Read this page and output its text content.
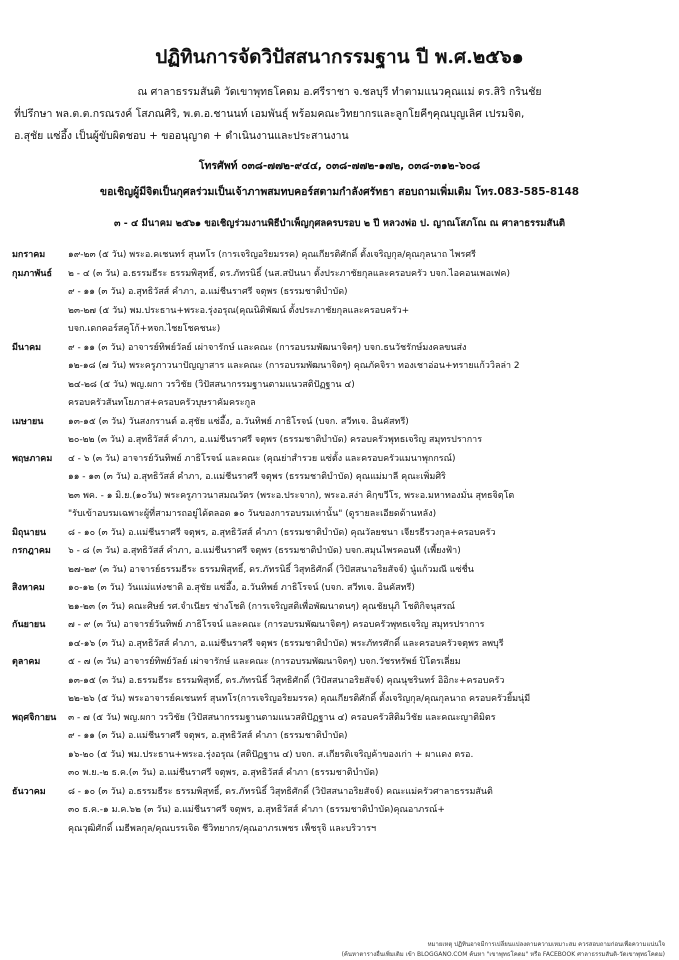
ปฏิทินการจัดวิปัสสนากรรมฐาน ปี พ.ศ.๒๕๖๑
ณ ศาลาธรรมสันติ วัดเขาพุทธโคดม อ.ศรีราชา จ.ชลบุรี ทำตามแนวคุณแม่ ดร.สิริ กรินชัย
ที่ปรึกษา พล.ต.ต.กรณรงค์ โสภณศิริ, พ.ต.อ.ชานนท์ เอมพันธุ์ พร้อมคณะวิทยากรและลูกโยคีๆคุณบุญเลิศ เปรมจิต,
อ.สุชัย แซ่อึ้ง เป็นผู้ขับผิดชอบ + ขออนุญาต + ดำเนินงานและประสานงาน
โทรศัพท์ ๐๓๘-๗๗๒-๙๔๔, ๐๓๘-๗๗๒-๑๗๒, ๐๓๘-๓๑๒-๖๐๘
ขอเชิญผู้มีจิตเป็นกุศลร่วมเป็นเจ้าภาพสมทบคอร์สตามกำลังศรัทธา สอบถามเพิ่มเติม โทร.083-585-8148
๓ - ๔ มีนาคม ๒๕๖๑ ขอเชิญร่วมงานพิธีบำเพ็ญกุศลครบรอบ ๒ ปี หลวงพ่อ ป. ญาณโสภโณ ณ ศาลาธรรมสันติ
มกราคม	๑๙-๒๓ (๕ วัน) พระอ.คเชนทร์ สุนทโร (การเจริญอริยมรรค) คุณเกียรติศักดิ์ ตั้งเจริญกุล/คุณกุลนาถ ไพรศรี
กุมภาพันธ์	๒ - ๔ (๓ วัน) อ.ธรรมธีระ ธรรมพิสุทธิ์, ดร.ภัทรนิธิ์ (นส.สปันนา ตั้งประภาชัยกุลและครอบครัว บจก.ไอคอนเพอเฟค)
๙ - ๑๑ (๓ วัน) อ.สุทธิวัสส์ คำภา, อ.แม่ชีนราศรี จตุพร (ธรรมชาติบำบัด)
๒๓-๒๗ (๕ วัน) พม.ประธาน+พระอ.รุ่งอรุณ(คุณนิติพัฒน์ ตั้งประภาชัยกุลและครอบครัว+
บจก.เดกคอร์สคูโก้+หจก.ไชยโชคชนะ)
มีนาคม	๙ - ๑๑ (๓ วัน) อาจารย์ทิพย์วัลย์ เผ่าจารักษ์ และคณะ (การอบรมพัฒนาจิตๆ) บจก.ธนวัชรักษ์มงคลขนส่ง
๑๒-๑๘ (๗ วัน) พระครูภาวนาปัญญาสาร และคณะ (การอบรมพัฒนาจิตๆ) คุณภัคจิรา ทองเชาอ่อน+ทรายแก้ววิลล่า 2
๒๔-๒๘ (๕ วัน) พญ.ผกา วรวิชัย (วิปัสสนากรรมฐานตามแนวสติปัฏฐาน ๔)
ครอบครัวสันทโยภาส+ครอบครัวบุษราคัมคระกูล
เมษายน	๑๓-๑๕ (๓ วัน) วันสงกรานต์ อ.สุชัย แซ่อึ้ง, อ.วันทิพย์ ภาธิโรจน์ (บจก. สวีทเจ. อินคัสทรี)
๒๐-๒๒ (๓ วัน) อ.สุทธิวัสส์ คำภา, อ.แม่ชีนราศรี จตุพร (ธรรมชาติบำบัด) ครอบครัวพุทธเจริญ สมุทรปราการ
พฤษภาคม	๔ - ๖ (๓ วัน) อาจารย์วันทิพย์ ภาธิโรจน์ และคณะ (คุณย่าสำรวย แซ่ตั้ง และครอบครัวแมนาพุกกรณ์)
๑๑ - ๑๓ (๓ วัน) อ.สุทธิวัสส์ คำภา, อ.แม่ชีนราศรี จตุพร (ธรรมชาติบำบัด) คุณแม่มาลี คุณะเพิ่มศิริ
๒๓ พค. - ๑ มิ.ย.(๑๐วัน) พระครูภาวนาสมณวัตร (พระอ.ประจาก), พระอ.สง่า คิกฺขวีโร, พระอ.มหาทองมั่น สุทธจิตฺโต
"รับเข้าอบรมเฉพาะผู้ที่สามารถอยู่ได้ตลอด ๑๐ วันของการอบรมเท่านั้น" (ดูรายละเอียดด้านหลัง)
มิถุนายน	๘ - ๑๐ (๓ วัน) อ.แม่ชีนราศรี จตุพร, อ.สุทธิวัสส์ คำภา (ธรรมชาติบำบัด) คุณวัลยชนา เจียรธีรวงกุล+ครอบครัว
กรกฎาคม	๖ - ๘ (๓ วัน) อ.สุทธิวัสส์ คำภา, อ.แม่ชีนราศรี จตุพร (ธรรมชาติบำบัด) บจก.สมุนไพรคอนที (เพี้ยงฟ้า)
๒๗-๒๙ (๓ วัน) อาจารย์ธรรมธีระ ธรรมพิสุทธิ์, ดร.ภัทรนิธิ์ วิสุทธิศักดิ์ (วิปัสสนาอริยสัจจ์) นู๋แก้วมณี แซ่ชื่น
สิงหาคม	๑๐-๑๒ (๓ วัน) วันแม่แห่งชาติ อ.สุชัย แซ่อึ้ง, อ.วันทิพย์ ภาธิโรจน์ (บจก. สวีทเจ. อินคัสทรี)
๒๑-๒๓ (๓ วัน) คณะศิษย์ รศ.จำเนียร ช่างโชติ (การเจริญสติเพื่อพัฒนาตนๆ) คุณชัยนุภิ โชติกิจนุสรณ์
กันยายน	๗ - ๙ (๓ วัน) อาจารย์วันทิพย์ ภาธิโรจน์ และคณะ (การอบรมพัฒนาจิตๆ) ครอบครัวพุทธเจริญ สมุทรปราการ
๑๔-๑๖ (๓ วัน) อ.สุทธิวัสส์ คำภา, อ.แม่ชีนราศรี จตุพร (ธรรมชาติบำบัด) พระภัทรศักดิ์ และครอบครัวจตุพร ลพบุรี
ตุลาคม	๕ - ๗ (๓ วัน) อาจารย์ทิพย์วัลย์ เผ่าจารักษ์ และคณะ (การอบรมพัฒนาจิตๆ) บจก.วัชรทรัพย์ ปิโตรเลี่ยม
๑๓-๑๕ (๓ วัน) อ.ธรรมธีระ ธรรมพิสุทธิ์, ดร.ภัทรนิธิ์ วิสุทธิศักดิ์ (วิปัสสนาอริยสัจจ์) คุณนุชรินทร์ อิอิกะ+ครอบครัว
๒๒-๒๖ (๕ วัน) พระอาจารย์คเชนทร์ สุนทโร(การเจริญอริยมรรค) คุณเกียรติศักดิ์ ตั้งเจริญกุล/คุณกุลนาถ ครอบครัวยิ้มนุ่มี
พฤศจิกายน	๓ - ๗ (๕ วัน) พญ.ผกา วรวิชัย (วิปัสสนากรรมฐานตามแนวสติปัฏฐาน ๔) ครอบครัวสิติมวิชัย และคณะญาติมิตร
๙ - ๑๑ (๓ วัน) อ.แม่ชีนราศรี จตุพร, อ.สุทธิวัสส์ คำภา (ธรรมชาติบำบัด)
๑๖-๒๐ (๕ วัน) พม.ประธาน+พระอ.รุ่งอรุณ (สติปัฏฐาน ๔) บจก. ส.เกียรติเจริญค้าของเก่า + ผาแดง ตรอ.
๓๐ พ.ย.-๒ ธ.ค.(๓ วัน) อ.แม่ชีนราศรี จตุพร, อ.สุทธิวัสส์ คำภา (ธรรมชาติบำบัด)
ธันวาคม	๘ - ๑๐ (๓ วัน) อ.ธรรมธีระ ธรรมพิสุทธิ์, ดร.ภัทรนิธิ์ วิสุทธิศักดิ์ (วิปัสสนาอริยสัจจ์) คณะแม่ครัวศาลาธรรมสันติ
๓๐ ธ.ค.-๑ ม.ค.๖๒ (๓ วัน) อ.แม่ชีนราศรี จตุพร, อ.สุทธิวัสส์ คำภา (ธรรมชาติบำบัด)คุณอาภรณ์+
คุณวุฒิศักดิ์ เมธีพลกุล/คุณบรรเจิด ชีวิทยากร/คุณอาภรเพชร เพ็ชรุจิ และบริวารฯ
หมายเหตุ ปฏิทินอาจมีการเปลี่ยนแปลงตามความเหมาะสม ควรสอบถามก่อนเพื่อความแน่นใจ
(ค้นหาตารางอื่นเพิ่มเติม เข้า BLOGGANO.COM ค้นหา "เขาพุทธโคดม" หรือ FACEBOOK ศาลาธรรมสันติ-วัดเขาพุทธโคดม)
